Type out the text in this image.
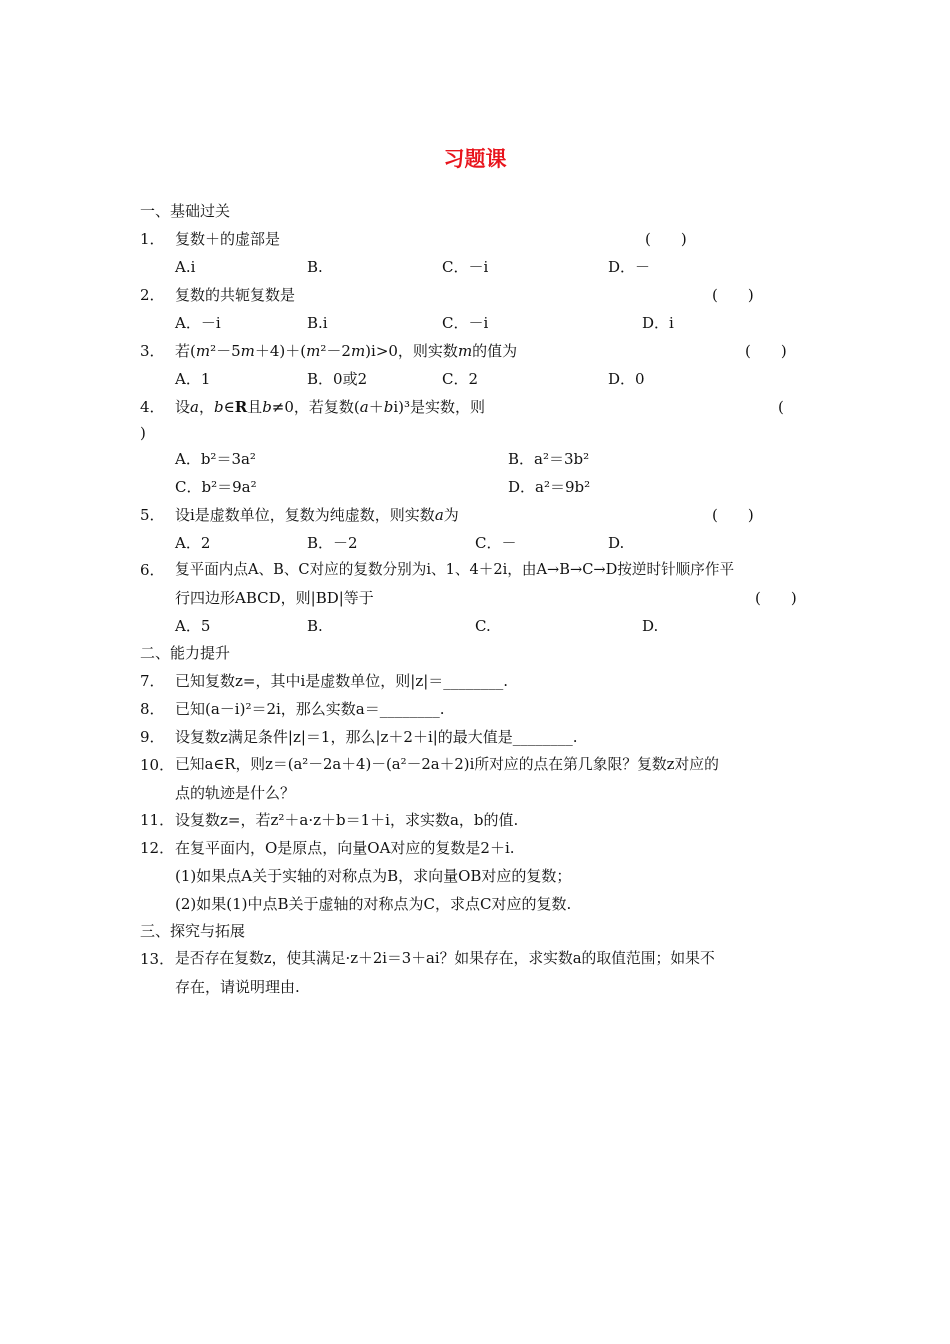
习题课
一、基础过关
1． 复数＋的虚部是	(　　)
A.i	B.	C．－i	D．－
2． 复数的共轭复数是	(　　)
A．－i	B.i	C．－i	D．i
3． 若(m²－5m＋4)＋(m²－2m)i>0，则实数m的值为	(　　)
A．1	B．0或2	C．2	D．0
4． 设a，b∈R且b≠0，若复数(a＋bi)³是实数，则	(
)
A．b²＝3a²	B．a²＝3b²
C．b²＝9a²	D．a²＝9b²
5． 设i是虚数单位，复数为纯虚数，则实数a为	(　　)
A．2	B．－2	C．－	D.
6． 复平面内点A、B、C对应的复数分别为i、1、4＋2i，由A→B→C→D按逆时针顺序作平
行四边形ABCD，则|BD|等于	(　　)
A．5	B.	C.	D.
二、能力提升
7． 已知复数z=，其中i是虚数单位，则|z|＝________.
8． 已知(a－i)²＝2i，那么实数a＝________.
9． 设复数z满足条件|z|＝1，那么|z＋2＋i|的最大值是________.
10． 已知a∈R，则z＝(a²－2a＋4)－(a²－2a＋2)i所对应的点在第几象限？复数z对应的
点的轨迹是什么？
11． 设复数z=，若z²＋a·z＋b＝1＋i，求实数a，b的值.
12． 在复平面内，O是原点，向量OA对应的复数是2＋i.
(1)如果点A关于实轴的对称点为B，求向量OB对应的复数；
(2)如果(1)中点B关于虚轴的对称点为C，求点C对应的复数.
三、探究与拓展
13． 是否存在复数z，使其满足·z＋2i＝3＋ai？如果存在，求实数a的取值范围；如果不
存在，请说明理由.
